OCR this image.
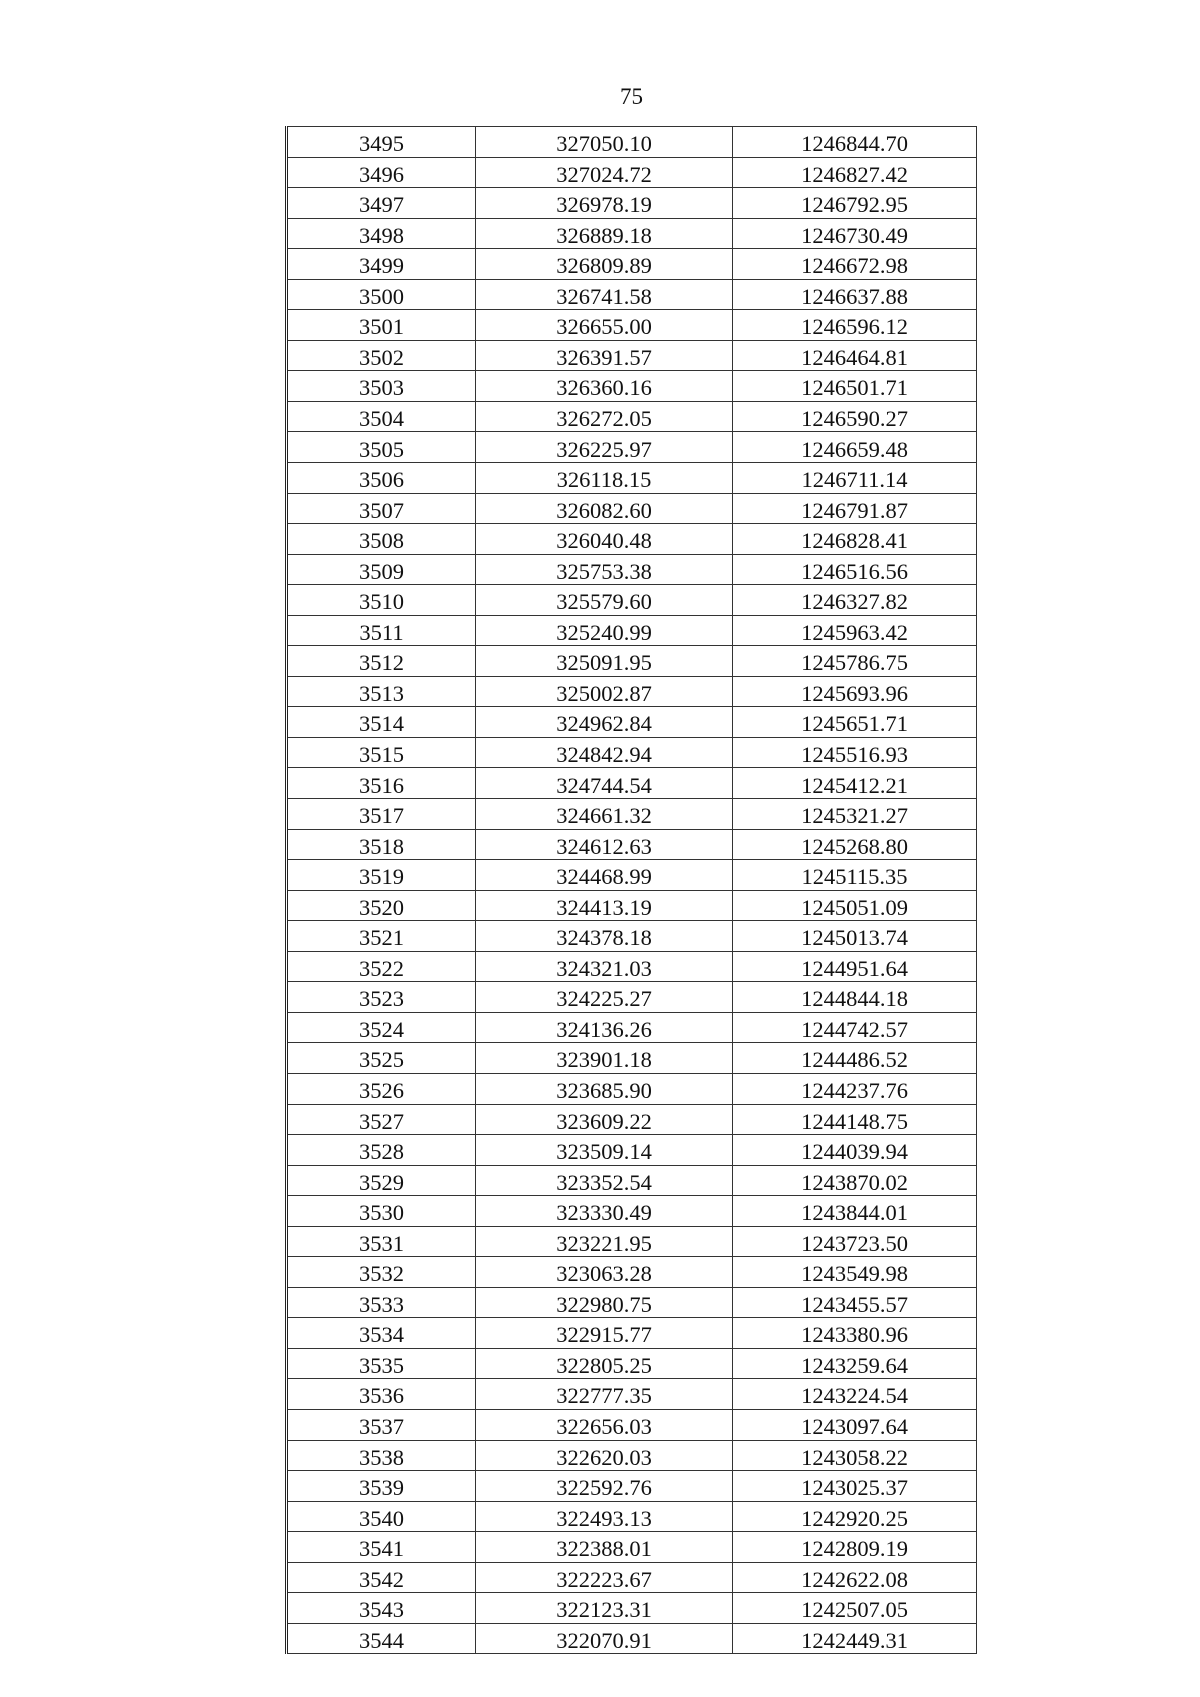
75
3495	327050.10	1246844.70
3496	327024.72	1246827.42
3497	326978.19	1246792.95
3498	326889.18	1246730.49
3499	326809.89	1246672.98
3500	326741.58	1246637.88
3501	326655.00	1246596.12
3502	326391.57	1246464.81
3503	326360.16	1246501.71
3504	326272.05	1246590.27
3505	326225.97	1246659.48
3506	326118.15	1246711.14
3507	326082.60	1246791.87
3508	326040.48	1246828.41
3509	325753.38	1246516.56
3510	325579.60	1246327.82
3511	325240.99	1245963.42
3512	325091.95	1245786.75
3513	325002.87	1245693.96
3514	324962.84	1245651.71
3515	324842.94	1245516.93
3516	324744.54	1245412.21
3517	324661.32	1245321.27
3518	324612.63	1245268.80
3519	324468.99	1245115.35
3520	324413.19	1245051.09
3521	324378.18	1245013.74
3522	324321.03	1244951.64
3523	324225.27	1244844.18
3524	324136.26	1244742.57
3525	323901.18	1244486.52
3526	323685.90	1244237.76
3527	323609.22	1244148.75
3528	323509.14	1244039.94
3529	323352.54	1243870.02
3530	323330.49	1243844.01
3531	323221.95	1243723.50
3532	323063.28	1243549.98
3533	322980.75	1243455.57
3534	322915.77	1243380.96
3535	322805.25	1243259.64
3536	322777.35	1243224.54
3537	322656.03	1243097.64
3538	322620.03	1243058.22
3539	322592.76	1243025.37
3540	322493.13	1242920.25
3541	322388.01	1242809.19
3542	322223.67	1242622.08
3543	322123.31	1242507.05
3544	322070.91	1242449.31
